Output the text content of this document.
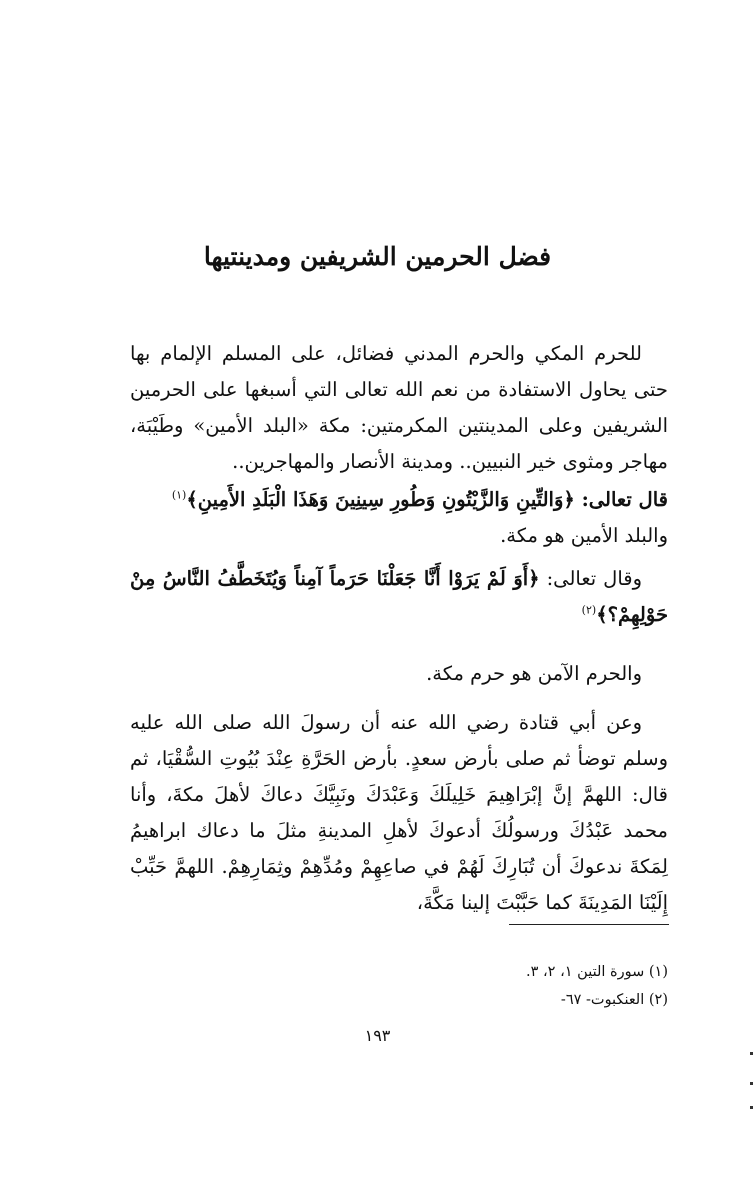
فضل الحرمين الشريفين ومدينتيها

للحرم المكي والحرم المدني فضائل، على المسلم الإلمام بها حتى يحاول الاستفادة من نعم الله تعالى التي أسبغها على الحرمين الشريفين وعلى المدينتين المكرمتين: مكة «البلد الأمين» وطَيْبَة، مهاجر ومثوى خير النبيين.. ومدينة الأنصار والمهاجرين..

قال تعالى: ﴿وَالتِّينِ وَالزَّيْتُونِ وَطُورِ سِينِينَ وَهَذَا الْبَلَدِ الأَمِينِ﴾$^{(١)}$
والبلد الأمين هو مكة.

وقال تعالى: ﴿أَوَ لَمْ يَرَوْا أَنَّا جَعَلْنَا حَرَماً آمِناً وَيُتَخَطَّفُ النَّاسُ مِنْ حَوْلِهِمْ؟﴾$^{(٢)}$

والحرم الآمن هو حرم مكة.

وعن أبي قتادة رضي الله عنه أن رسولَ الله صلى الله عليه وسلم توضأ ثم صلى بأرض سعدٍ. بأرض الحَرَّةِ عِنْدَ بُيُوتِ السُّقْيَا، ثم قال: اللهمَّ إنَّ إبْرَاهِيمَ خَلِيلَكَ وَعَبْدَكَ ونَبِيَّكَ دعاكَ لأهلَ مكةَ، وأنا محمد عَبْدُكَ ورسولُكَ أدعوكَ لأهلِ المدينةِ مثلَ ما دعاك ابراهيمُ لِمَكةَ ندعوكَ أن تُبَارِكَ لَهُمْ في صاعِهِمْ ومُدِّهِمْ وثِمَارِهِمْ. اللهمَّ حَبِّبْ إِلَيْنَا المَدِينَةَ كما حَبَّبْتَ إلينا مَكَّةَ،

(١) سورة التين ١، ٢، ٣.
(٢) العنكبوت- ٦٧-
١٩٣
